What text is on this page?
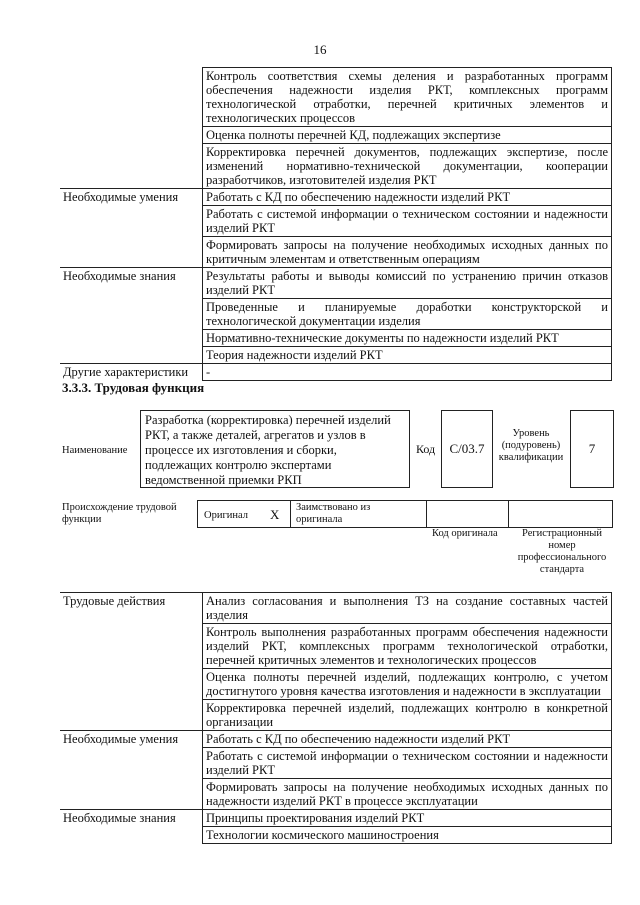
16
	Контроль соответствия схемы деления и разработанных программ обеспечения надежности изделия РКТ, комплексных программ технологической отработки, перечней критичных элементов и технологических процессов
	Оценка полноты перечней КД, подлежащих экспертизе
	Корректировка перечней документов, подлежащих экспертизе, после изменений нормативно-технической документации, кооперации разработчиков, изготовителей изделия РКТ
Необходимые умения	Работать с КД по обеспечению надежности изделий РКТ
	Работать с системой информации о техническом состоянии и надежности изделий РКТ
	Формировать запросы на получение необходимых исходных данных по критичным элементам и ответственным операциям
Необходимые знания	Результаты работы и выводы комиссий по устранению причин отказов изделий РКТ
	Проведенные и планируемые доработки конструкторской и технологической документации изделия
	Нормативно-технические документы по надежности изделий РКТ
	Теория надежности изделий РКТ
Другие характеристики	-
3.3.3. Трудовая функция
Наименование
Разработка (корректировка) перечней изделий РКТ, а также деталей, агрегатов и узлов в процессе их изготовления и сборки, подлежащих контролю экспертами ведомственной приемки РКП
Код	С/03.7
Уровень (подуровень) квалификации
7
Происхождение трудовой функции	Оригинал X Заимствовано из оригинала
Код оригинала	Регистрационный номер профессионального стандарта
Трудовые действия	Анализ согласования и выполнения ТЗ на создание составных частей изделия
	Контроль выполнения разработанных программ обеспечения надежности изделий РКТ, комплексных программ технологической отработки, перечней критичных элементов и технологических процессов
	Оценка полноты перечней изделий, подлежащих контролю, с учетом достигнутого уровня качества изготовления и надежности в эксплуатации
	Корректировка перечней изделий, подлежащих контролю в конкретной организации
Необходимые умения	Работать с КД по обеспечению надежности изделий РКТ
	Работать с системой информации о техническом состоянии и надежности изделий РКТ
	Формировать запросы на получение необходимых исходных данных по надежности изделий РКТ в процессе эксплуатации
Необходимые знания	Принципы проектирования изделий РКТ
	Технологии космического машиностроения
